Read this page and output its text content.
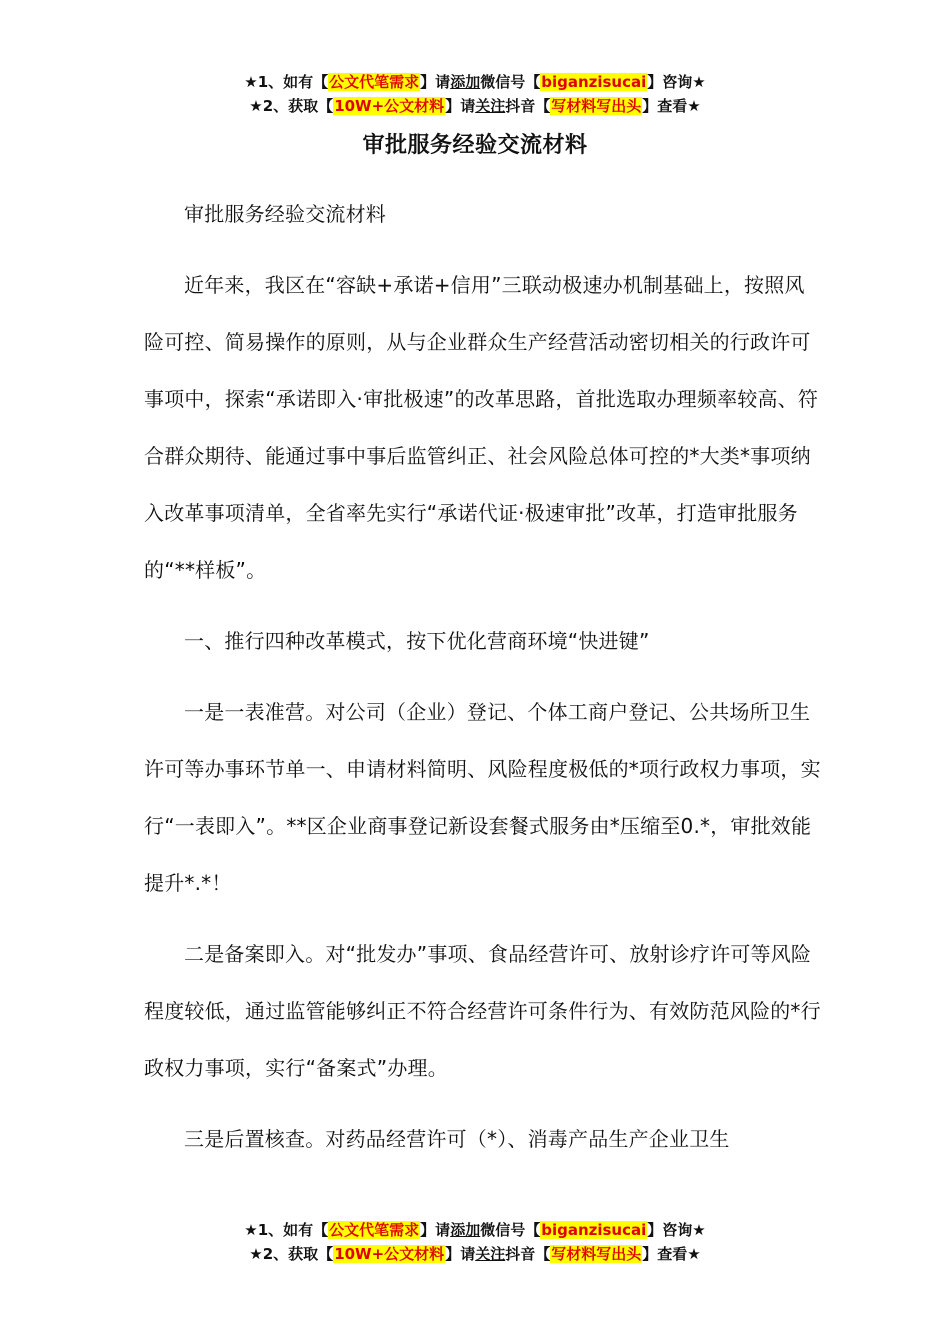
★1、如有【公文代笔需求】请添加微信号【biganzisucai】咨询★
★2、获取【10W+公文材料】请关注抖音【写材料写出头】查看★
审批服务经验交流材料

审批服务经验交流材料

近年来，我区在“容缺+承诺+信用”三联动极速办机制基础上，按照风险可控、简易操作的原则，从与企业群众生产经营活动密切相关的行政许可事项中，探索“承诺即入·审批极速”的改革思路，首批选取办理频率较高、符合群众期待、能通过事中事后监管纠正、社会风险总体可控的*大类*事项纳入改革事项清单，全省率先实行“承诺代证·极速审批”改革，打造审批服务的“**样板”。

一、推行四种改革模式，按下优化营商环境“快进键”

一是一表准营。对公司（企业）登记、个体工商户登记、公共场所卫生许可等办事环节单一、申请材料简明、风险程度极低的*项行政权力事项，实行“一表即入”。**区企业商事登记新设套餐式服务由*压缩至0.*，审批效能提升*.*！

二是备案即入。对“批发办”事项、食品经营许可、放射诊疗许可等风险程度较低，通过监管能够纠正不符合经营许可条件行为、有效防范风险的*行政权力事项，实行“备案式”办理。

三是后置核查。对药品经营许可（*）、消毒产品生产企业卫生

★1、如有【公文代笔需求】请添加微信号【biganzisucai】咨询★
★2、获取【10W+公文材料】请关注抖音【写材料写出头】查看★
